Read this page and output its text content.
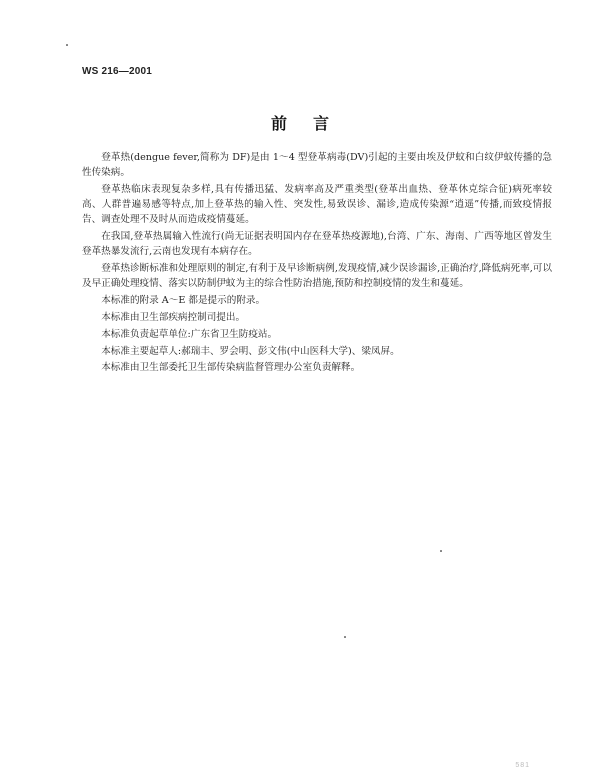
WS 216—2001
前言

登革热(dengue fever,简称为 DF)是由 1～4 型登革病毒(DV)引起的主要由埃及伊蚊和白纹伊蚊传播的急性传染病。

登革热临床表现复杂多样,具有传播迅猛、发病率高及严重类型(登革出血热、登革休克综合征)病死率较高、人群普遍易感等特点,加上登革热的输入性、突发性,易致误诊、漏诊,造成传染源“逍遥”传播,而致疫情报告、调查处理不及时从而造成疫情蔓延。

在我国,登革热属输入性流行(尚无证据表明国内存在登革热疫源地),台湾、广东、海南、广西等地区曾发生登革热暴发流行,云南也发现有本病存在。

登革热诊断标准和处理原则的制定,有利于及早诊断病例,发现疫情,减少误诊漏诊,正确治疗,降低病死率,可以及早正确处理疫情、落实以防制伊蚊为主的综合性防治措施,预防和控制疫情的发生和蔓延。

本标准的附录 A～E 都是提示的附录。

本标准由卫生部疾病控制司提出。

本标准负责起草单位:广东省卫生防疫站。

本标准主要起草人:郝瑞丰、罗会明、彭文伟(中山医科大学)、梁凤屏。

本标准由卫生部委托卫生部传染病监督管理办公室负责解释。

581
